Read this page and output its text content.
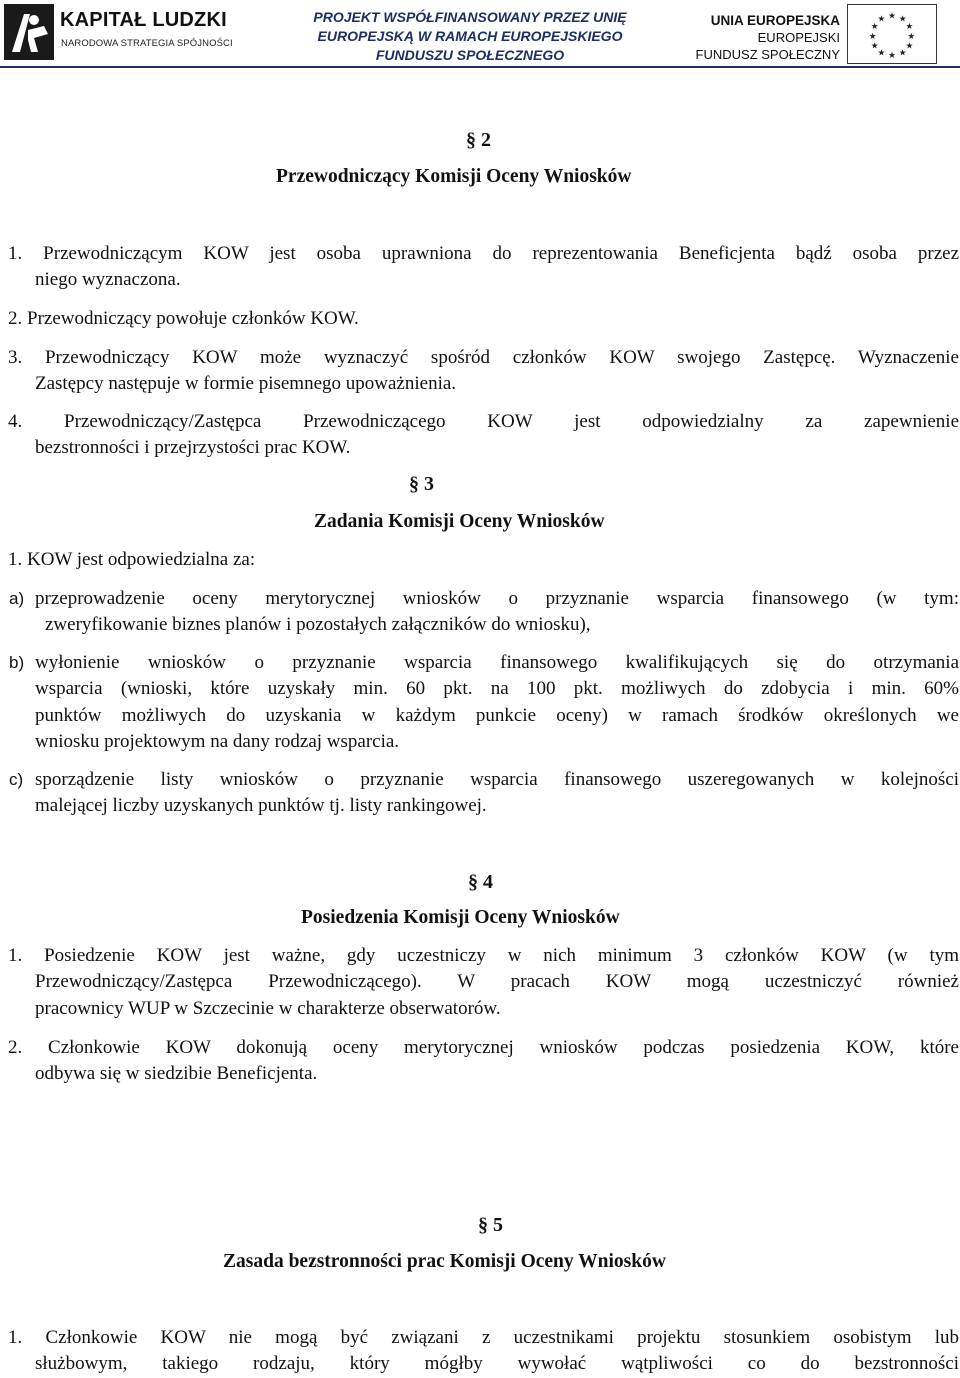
KAPITAŁ LUDZKI
NARODOWA STRATEGIA SPÓJNOŚCI
PROJEKT WSPÓŁFINANSOWANY PRZEZ UNIĘ
EUROPEJSKĄ W RAMACH EUROPEJSKIEGO
FUNDUSZU SPOŁECZNEGO
UNIA EUROPEJSKA
EUROPEJSKI
FUNDUSZ SPOŁECZNY
★ ★
★
★
★
★
★
★
★
★
★
★
§ 2
Przewodniczący Komisji Oceny Wniosków
1. Przewodniczącym KOW jest osoba uprawniona do reprezentowania Beneficjenta bądź osoba przez
niego wyznaczona.
2. Przewodniczący powołuje członków KOW.
3. Przewodniczący KOW może wyznaczyć spośród członków KOW swojego Zastępcę. Wyznaczenie
Zastępcy następuje w formie pisemnego upoważnienia.
4. Przewodniczący/Zastępca Przewodniczącego KOW jest odpowiedzialny za zapewnienie
bezstronności i przejrzystości prac KOW.
§ 3
Zadania Komisji Oceny Wniosków
1. KOW jest odpowiedzialna za:
a) przeprowadzenie oceny merytorycznej wniosków o przyznanie wsparcia finansowego (w tym:
zweryfikowanie biznes planów i pozostałych załączników do wniosku),
b) wyłonienie wniosków o przyznanie wsparcia finansowego kwalifikujących się do otrzymania
wsparcia (wnioski, które uzyskały min. 60 pkt. na 100 pkt. możliwych do zdobycia i min. 60%
punktów możliwych do uzyskania w każdym punkcie oceny) w ramach środków określonych we
wniosku projektowym na dany rodzaj wsparcia.
c) sporządzenie listy wniosków o przyznanie wsparcia finansowego uszeregowanych w kolejności
malejącej liczby uzyskanych punktów tj. listy rankingowej.
§ 4
Posiedzenia Komisji Oceny Wniosków
1. Posiedzenie KOW jest ważne, gdy uczestniczy w nich minimum 3 członków KOW (w tym
Przewodniczący/Zastępca Przewodniczącego). W pracach KOW mogą uczestniczyć również
pracownicy WUP w Szczecinie w charakterze obserwatorów.
2. Członkowie KOW dokonują oceny merytorycznej wniosków podczas posiedzenia KOW, które
odbywa się w siedzibie Beneficjenta.
§ 5
Zasada bezstronności prac Komisji Oceny Wniosków
1. Członkowie KOW nie mogą być związani z uczestnikami projektu stosunkiem osobistym lub
służbowym, takiego rodzaju, który mógłby wywołać wątpliwości co do bezstronności
